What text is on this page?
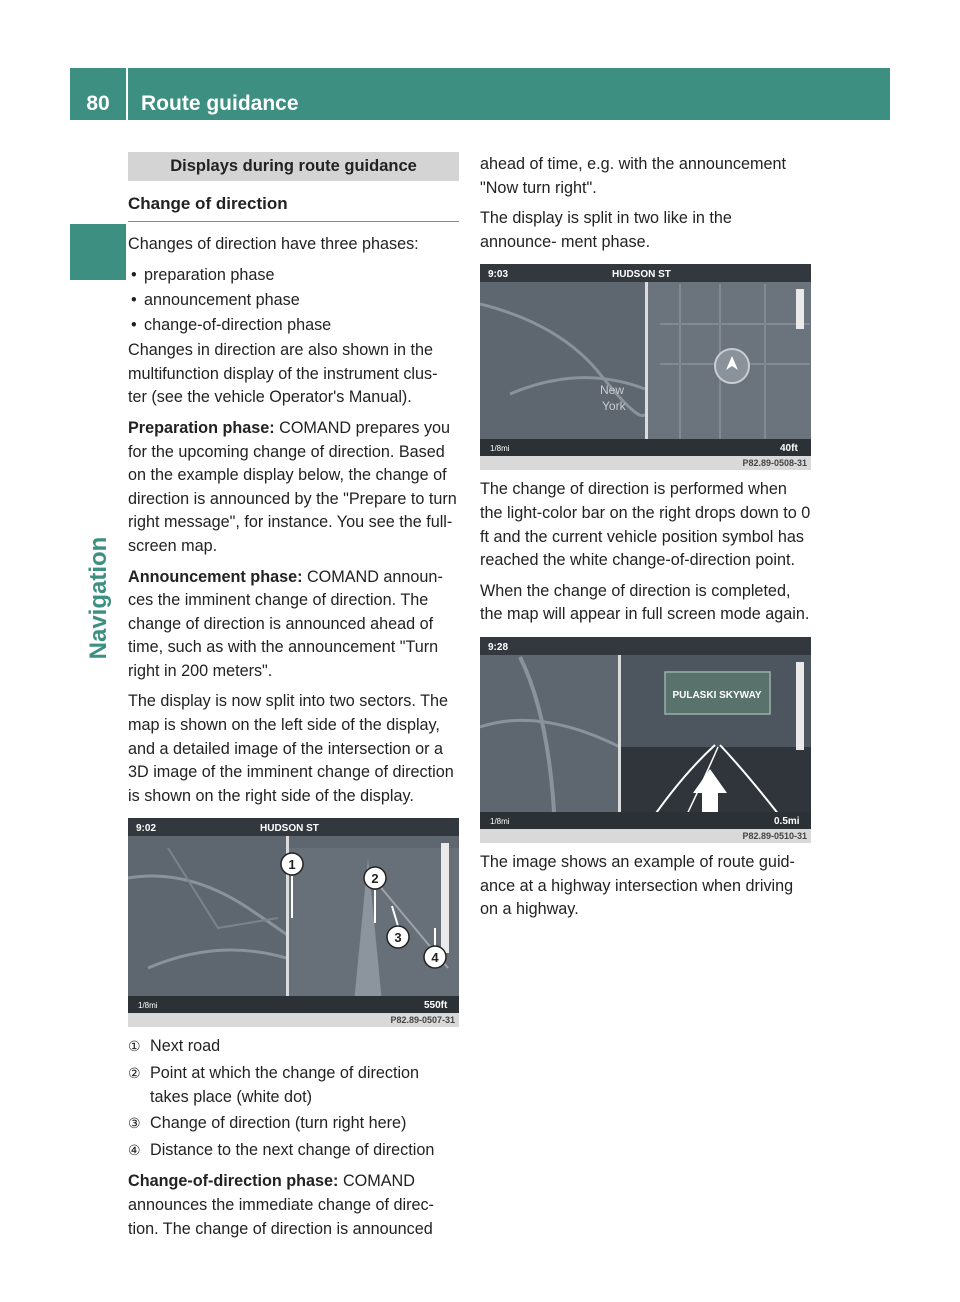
80	Route guidance
Navigation
Displays during route guidance
Change of direction

Changes of direction have three phases:

• preparation phase
• announcement phase
• change-of-direction phase

Changes in direction are also shown in the multifunction display of the instrument clus- ter (see the vehicle Operator's Manual).

Preparation phase: COMAND prepares you for the upcoming change of direction. Based on the example display below, the change of direction is announced by the "Prepare to turn right message", for instance. You see the full- screen map.

Announcement phase: COMAND announ- ces the imminent change of direction. The change of direction is announced ahead of time, such as with the announcement "Turn right in 200 meters".

The display is now split into two sectors. The map is shown on the left side of the display, and a detailed image of the intersection or a 3D image of the imminent change of direction is shown on the right side of the display.

9:02	HUDSON ST
1/8mi	550ft
1
2
3
4
P82.89-0507-31
① Next road
② Point at which the change of direction takes place (white dot)
③ Change of direction (turn right here)
④ Distance to the next change of direction

Change-of-direction phase: COMAND announces the immediate change of direc- tion. The change of direction is announced

ahead of time, e.g. with the announcement "Now turn right".

The display is split in two like in the announce- ment phase.

9:03	HUDSON ST
New
York
1/8mi	40ft
P82.89-0508-31

The change of direction is performed when the light-color bar on the right drops down to 0 ft and the current vehicle position symbol has reached the white change-of-direction point.

When the change of direction is completed, the map will appear in full screen mode again.

9:28
PULASKI SKYWAY
1/8mi	0.5mi
P82.89-0510-31

The image shows an example of route guid- ance at a highway intersection when driving on a highway.
